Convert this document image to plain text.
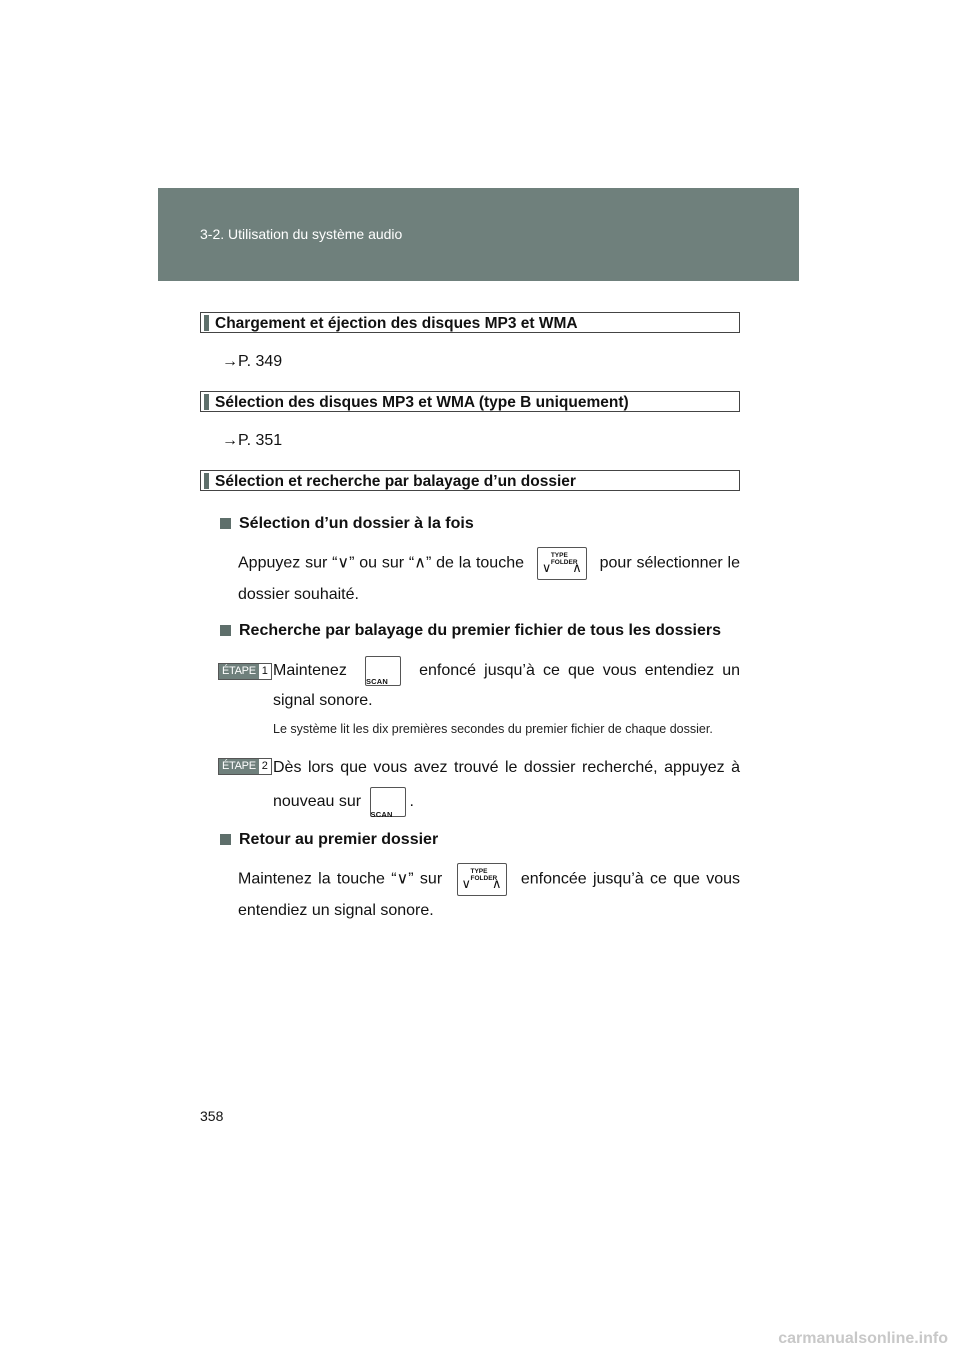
3-2. Utilisation du système audio
Chargement et éjection des disques MP3 et WMA
→P. 349
Sélection des disques MP3 et WMA (type B uniquement)
→P. 351
Sélection et recherche par balayage d’un dossier
Sélection d’un dossier à la fois
Appuyez sur “∨” ou sur “∧” de la touche ∨
TYPE
FOLDER
∧ pour sélectionner le dossier souhaité.
Recherche par balayage du premier fichier de tous les dossiers
ÉTAPE 1 Maintenez
SCAN
enfoncé jusqu’à ce que vous entendiez un signal sonore.
Le système lit les dix premières secondes du premier fichier de chaque dossier.
ÉTAPE 2 Dès lors que vous avez trouvé le dossier recherché, appuyez à nouveau sur
SCAN
.
Retour au premier dossier
Maintenez la touche “∨” sur ∨
TYPE
FOLDER
∧ enfoncée jusqu’à ce que vous entendiez un signal sonore.
358
carmanualsonline.info
